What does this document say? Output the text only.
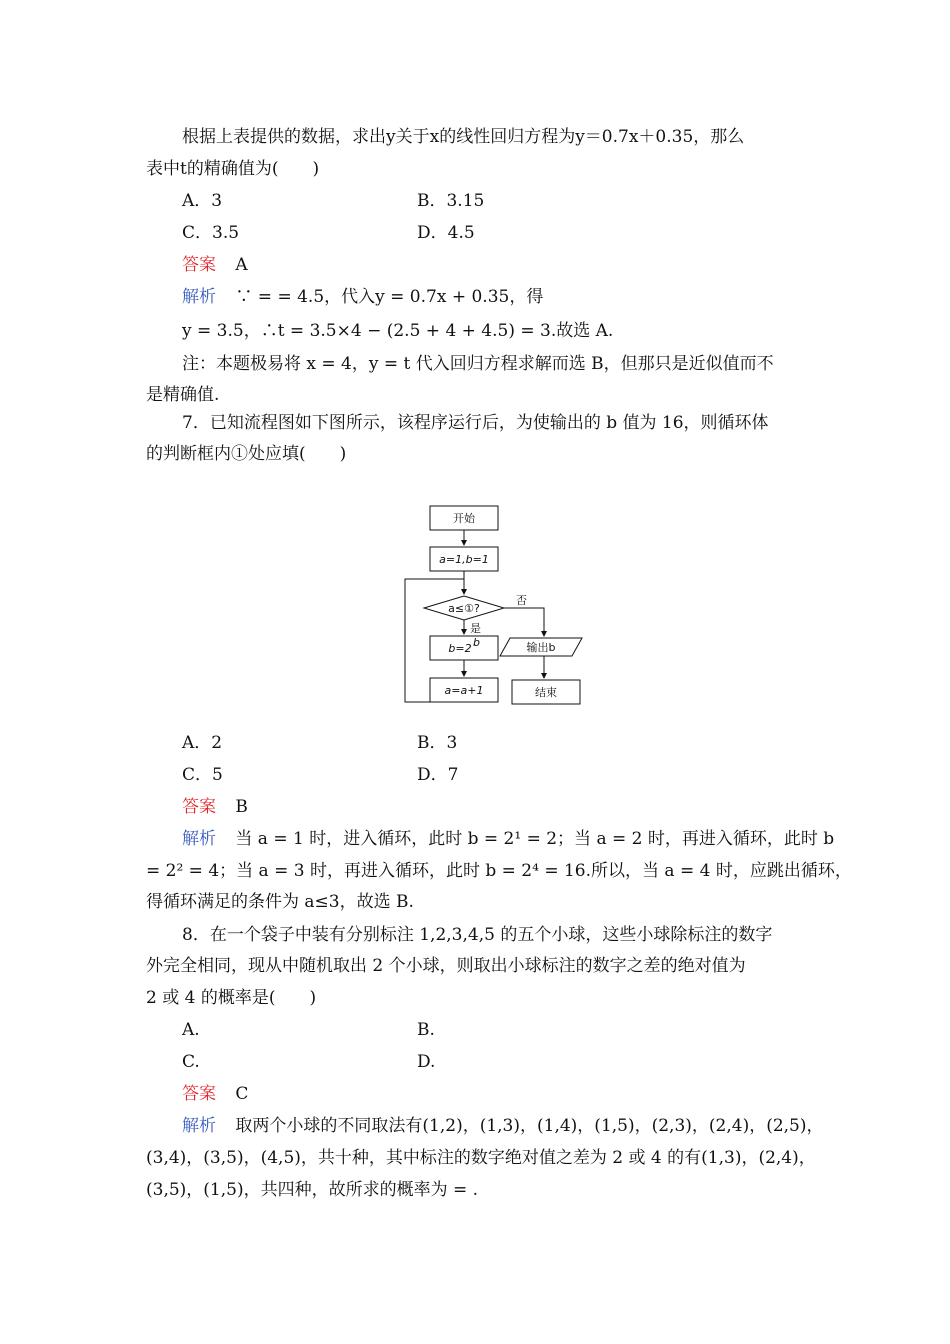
根据上表提供的数据，求出y关于x的线性回归方程为y＝0.7x＋0.35，那么
表中t的精确值为(　　)
A．3	B．3.15
C．3.5	D．4.5
答案 A
解析 ∵ = = 4.5，代入y = 0.7x + 0.35，得
y = 3.5，∴t = 3.5×4 − (2.5 + 4 + 4.5) = 3.故选 A.
注：本题极易将 x = 4，y = t 代入回归方程求解而选 B，但那只是近似值而不
是精确值.
7．已知流程图如下图所示，该程序运行后，为使输出的 b 值为 16，则循环体
的判断框内①处应填(　　)
开始
a=1,b=1
a≤①?
否
是
b=2 b
a=a+1
输出b
结束
A．2	B．3
C．5	D．7
答案 B
解析 当 a = 1 时，进入循环，此时 b = 2¹ = 2；当 a = 2 时，再进入循环，此时 b
= 2² = 4；当 a = 3 时，再进入循环，此时 b = 2⁴ = 16.所以，当 a = 4 时，应跳出循环，
得循环满足的条件为 a≤3，故选 B.
8．在一个袋子中装有分别标注 1,2,3,4,5 的五个小球，这些小球除标注的数字
外完全相同，现从中随机取出 2 个小球，则取出小球标注的数字之差的绝对值为
2 或 4 的概率是(　　)
A.	B.
C.	D.
答案 C
解析 取两个小球的不同取法有(1,2)，(1,3)，(1,4)，(1,5)，(2,3)，(2,4)，(2,5)，
(3,4)，(3,5)，(4,5)，共十种，其中标注的数字绝对值之差为 2 或 4 的有(1,3)，(2,4)，
(3,5)，(1,5)，共四种，故所求的概率为 = .
